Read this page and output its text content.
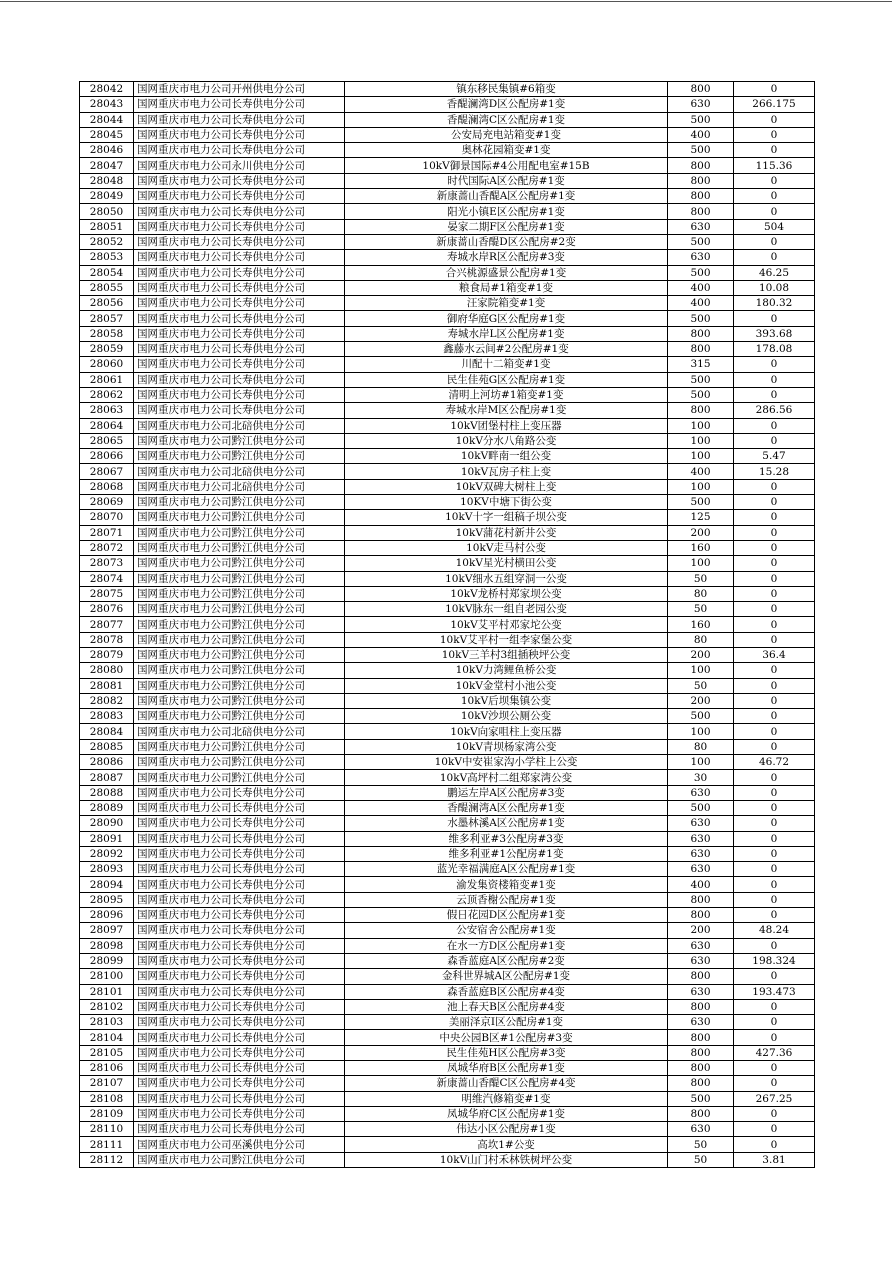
28042	国网重庆市电力公司开州供电分公司	镇东移民集镇#6箱变	800	0
28043	国网重庆市电力公司长寿供电分公司	香醍澜湾D区公配房#1变	630	266.175
28044	国网重庆市电力公司长寿供电分公司	香醍澜湾C区公配房#1变	500	0
28045	国网重庆市电力公司长寿供电分公司	公安局充电站箱变#1变	400	0
28046	国网重庆市电力公司长寿供电分公司	奥林花园箱变#1变	500	0
28047	国网重庆市电力公司永川供电分公司	10kV御景国际#4公用配电室#15B	800	115.36
28048	国网重庆市电力公司长寿供电分公司	时代国际A区公配房#1变	800	0
28049	国网重庆市电力公司长寿供电分公司	新康蔷山香醍A区公配房#1变	800	0
28050	国网重庆市电力公司长寿供电分公司	阳光小镇E区公配房#1变	800	0
28051	国网重庆市电力公司长寿供电分公司	晏家二期F区公配房#1变	630	504
28052	国网重庆市电力公司长寿供电分公司	新康蔷山香醍D区公配房#2变	500	0
28053	国网重庆市电力公司长寿供电分公司	寿城水岸R区公配房#3变	630	0
28054	国网重庆市电力公司长寿供电分公司	合兴桃源盛景公配房#1变	500	46.25
28055	国网重庆市电力公司长寿供电分公司	粮食局#1箱变#1变	400	10.08
28056	国网重庆市电力公司长寿供电分公司	汪家院箱变#1变	400	180.32
28057	国网重庆市电力公司长寿供电分公司	御府华庭G区公配房#1变	500	0
28058	国网重庆市电力公司长寿供电分公司	寿城水岸L区公配房#1变	800	393.68
28059	国网重庆市电力公司长寿供电分公司	鑫藤水云间#2公配房#1变	800	178.08
28060	国网重庆市电力公司长寿供电分公司	川配十二箱变#1变	315	0
28061	国网重庆市电力公司长寿供电分公司	民生佳苑G区公配房#1变	500	0
28062	国网重庆市电力公司长寿供电分公司	清明上河坊#1箱变#1变	500	0
28063	国网重庆市电力公司长寿供电分公司	寿城水岸M区公配房#1变	800	286.56
28064	国网重庆市电力公司北碚供电分公司	10kV团堡村柱上变压器	100	0
28065	国网重庆市电力公司黔江供电分公司	10kV分水八角路公变	100	0
28066	国网重庆市电力公司黔江供电分公司	10kV畔南一组公变	100	5.47
28067	国网重庆市电力公司北碚供电分公司	10kV瓦房子柱上变	400	15.28
28068	国网重庆市电力公司北碚供电分公司	10kV双碑大树柱上变	100	0
28069	国网重庆市电力公司黔江供电分公司	10KV中塘下街公变	500	0
28070	国网重庆市电力公司黔江供电分公司	10kV十字一组稿子坝公变	125	0
28071	国网重庆市电力公司黔江供电分公司	10kV蒲花村新井公变	200	0
28072	国网重庆市电力公司黔江供电分公司	10kV走马村公变	160	0
28073	国网重庆市电力公司黔江供电分公司	10kV星光村横田公变	100	0
28074	国网重庆市电力公司黔江供电分公司	10kV细水五组穿洞一公变	50	0
28075	国网重庆市电力公司黔江供电分公司	10kV龙桥村郑家坝公变	80	0
28076	国网重庆市电力公司黔江供电分公司	10kV脉东一组自老园公变	50	0
28077	国网重庆市电力公司黔江供电分公司	10kV艾平村邓家坨公变	160	0
28078	国网重庆市电力公司黔江供电分公司	10kV艾平村一组李家堡公变	80	0
28079	国网重庆市电力公司黔江供电分公司	10kV三羊村3组插秧坪公变	200	36.4
28080	国网重庆市电力公司黔江供电分公司	10kV力湾鲤鱼桥公变	100	0
28081	国网重庆市电力公司黔江供电分公司	10kV金堂村小池公变	50	0
28082	国网重庆市电力公司黔江供电分公司	10kV后坝集镇公变	200	0
28083	国网重庆市电力公司黔江供电分公司	10kV沙坝公厕公变	500	0
28084	国网重庆市电力公司北碚供电分公司	10kV向家咀柱上变压器	100	0
28085	国网重庆市电力公司黔江供电分公司	10kV青坝杨家湾公变	80	0
28086	国网重庆市电力公司黔江供电分公司	10kV中安崔家沟小学柱上公变	100	46.72
28087	国网重庆市电力公司黔江供电分公司	10kV高坪村二组郑家湾公变	30	0
28088	国网重庆市电力公司长寿供电分公司	鹏运左岸A区公配房#3变	630	0
28089	国网重庆市电力公司长寿供电分公司	香醍澜湾A区公配房#1变	500	0
28090	国网重庆市电力公司长寿供电分公司	水墨林溪A区公配房#1变	630	0
28091	国网重庆市电力公司长寿供电分公司	维多利亚#3公配房#3变	630	0
28092	国网重庆市电力公司长寿供电分公司	维多利亚#1公配房#1变	630	0
28093	国网重庆市电力公司长寿供电分公司	蓝光幸福满庭A区公配房#1变	630	0
28094	国网重庆市电力公司长寿供电分公司	渝发集资楼箱变#1变	400	0
28095	国网重庆市电力公司长寿供电分公司	云顶香榭公配房#1变	800	0
28096	国网重庆市电力公司长寿供电分公司	假日花园D区公配房#1变	800	0
28097	国网重庆市电力公司长寿供电分公司	公安宿舍公配房#1变	200	48.24
28098	国网重庆市电力公司长寿供电分公司	在水一方D区公配房#1变	630	0
28099	国网重庆市电力公司长寿供电分公司	森香蓝庭A区公配房#2变	630	198.324
28100	国网重庆市电力公司长寿供电分公司	金科世界城A区公配房#1变	800	0
28101	国网重庆市电力公司长寿供电分公司	森香蓝庭B区公配房#4变	630	193.473
28102	国网重庆市电力公司长寿供电分公司	池上春天B区公配房#4变	800	0
28103	国网重庆市电力公司长寿供电分公司	美丽泽京I区公配房#1变	630	0
28104	国网重庆市电力公司长寿供电分公司	中央公园B区#1公配房#3变	800	0
28105	国网重庆市电力公司长寿供电分公司	民生佳苑H区公配房#3变	800	427.36
28106	国网重庆市电力公司长寿供电分公司	凤城华府B区公配房#1变	800	0
28107	国网重庆市电力公司长寿供电分公司	新康蔷山香醍C区公配房#4变	800	0
28108	国网重庆市电力公司长寿供电分公司	明维汽修箱变#1变	500	267.25
28109	国网重庆市电力公司长寿供电分公司	凤城华府C区公配房#1变	800	0
28110	国网重庆市电力公司长寿供电分公司	伟达小区公配房#1变	630	0
28111	国网重庆市电力公司巫溪供电分公司	高坎1#公变	50	0
28112	国网重庆市电力公司黔江供电分公司	10kV山门村禾林铁树坪公变	50	3.81
